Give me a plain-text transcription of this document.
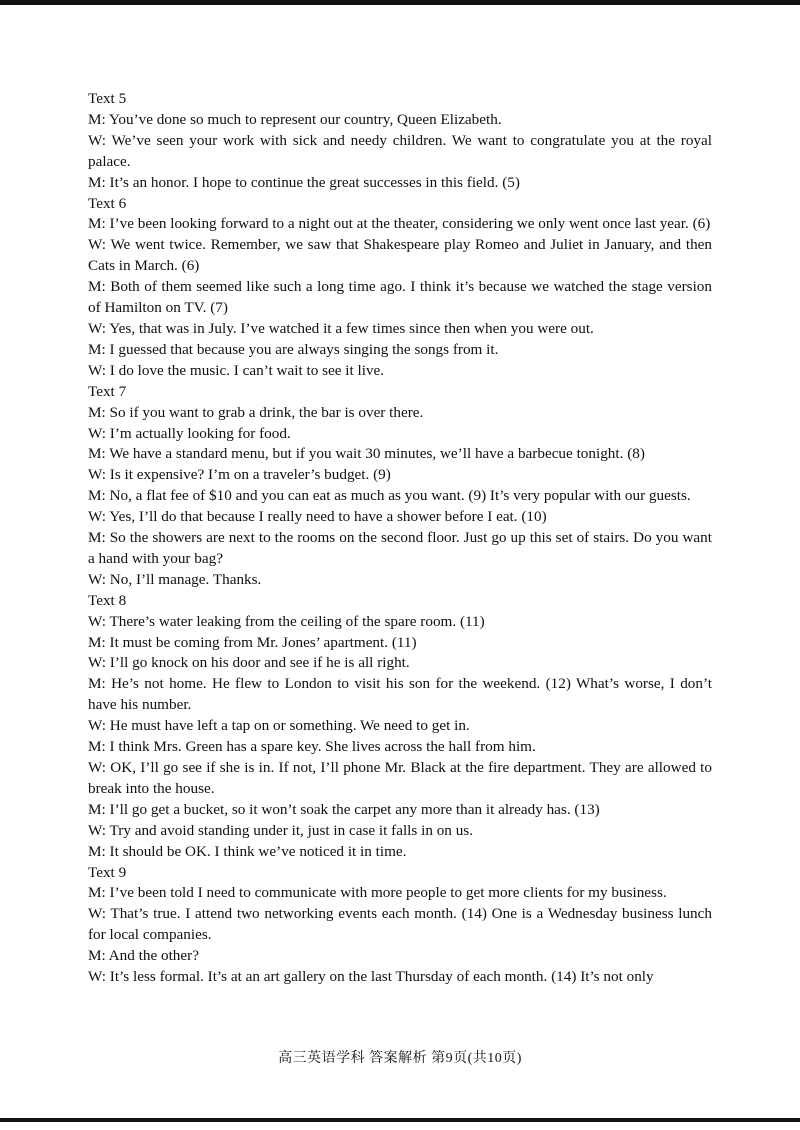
Text 5

M: You’ve done so much to represent our country, Queen Elizabeth.

W: We’ve seen your work with sick and needy children. We want to congratulate you at the royal palace.

M: It’s an honor. I hope to continue the great successes in this field. (5)

Text 6

M: I’ve been looking forward to a night out at the theater, considering we only went once last year. (6)

W: We went twice. Remember, we saw that Shakespeare play Romeo and Juliet in January, and then Cats in March. (6)

M: Both of them seemed like such a long time ago. I think it’s because we watched the stage version of Hamilton on TV. (7)

W: Yes, that was in July. I’ve watched it a few times since then when you were out.

M: I guessed that because you are always singing the songs from it.

W: I do love the music. I can’t wait to see it live.

Text 7

M: So if you want to grab a drink, the bar is over there.

W: I’m actually looking for food.

M: We have a standard menu, but if you wait 30 minutes, we’ll have a barbecue tonight. (8)

W: Is it expensive? I’m on a traveler’s budget. (9)

M: No, a flat fee of $10 and you can eat as much as you want. (9) It’s very popular with our guests.

W: Yes, I’ll do that because I really need to have a shower before I eat. (10)

M: So the showers are next to the rooms on the second floor. Just go up this set of stairs. Do you want a hand with your bag?

W: No, I’ll manage. Thanks.

Text 8

W: There’s water leaking from the ceiling of the spare room. (11)

M: It must be coming from Mr. Jones’ apartment. (11)

W: I’ll go knock on his door and see if he is all right.

M: He’s not home. He flew to London to visit his son for the weekend. (12) What’s worse, I don’t have his number.

W: He must have left a tap on or something. We need to get in.

M: I think Mrs. Green has a spare key. She lives across the hall from him.

W: OK, I’ll go see if she is in. If not, I’ll phone Mr. Black at the fire department. They are allowed to break into the house.

M: I’ll go get a bucket, so it won’t soak the carpet any more than it already has. (13)

W: Try and avoid standing under it, just in case it falls in on us.

M: It should be OK. I think we’ve noticed it in time.

Text 9

M: I’ve been told I need to communicate with more people to get more clients for my business.

W: That’s true. I attend two networking events each month. (14) One is a Wednesday business lunch for local companies.

M: And the other?

W: It’s less formal. It’s at an art gallery on the last Thursday of each month. (14) It’s not only

高三英语学科 答案解析 第9页(共10页)
